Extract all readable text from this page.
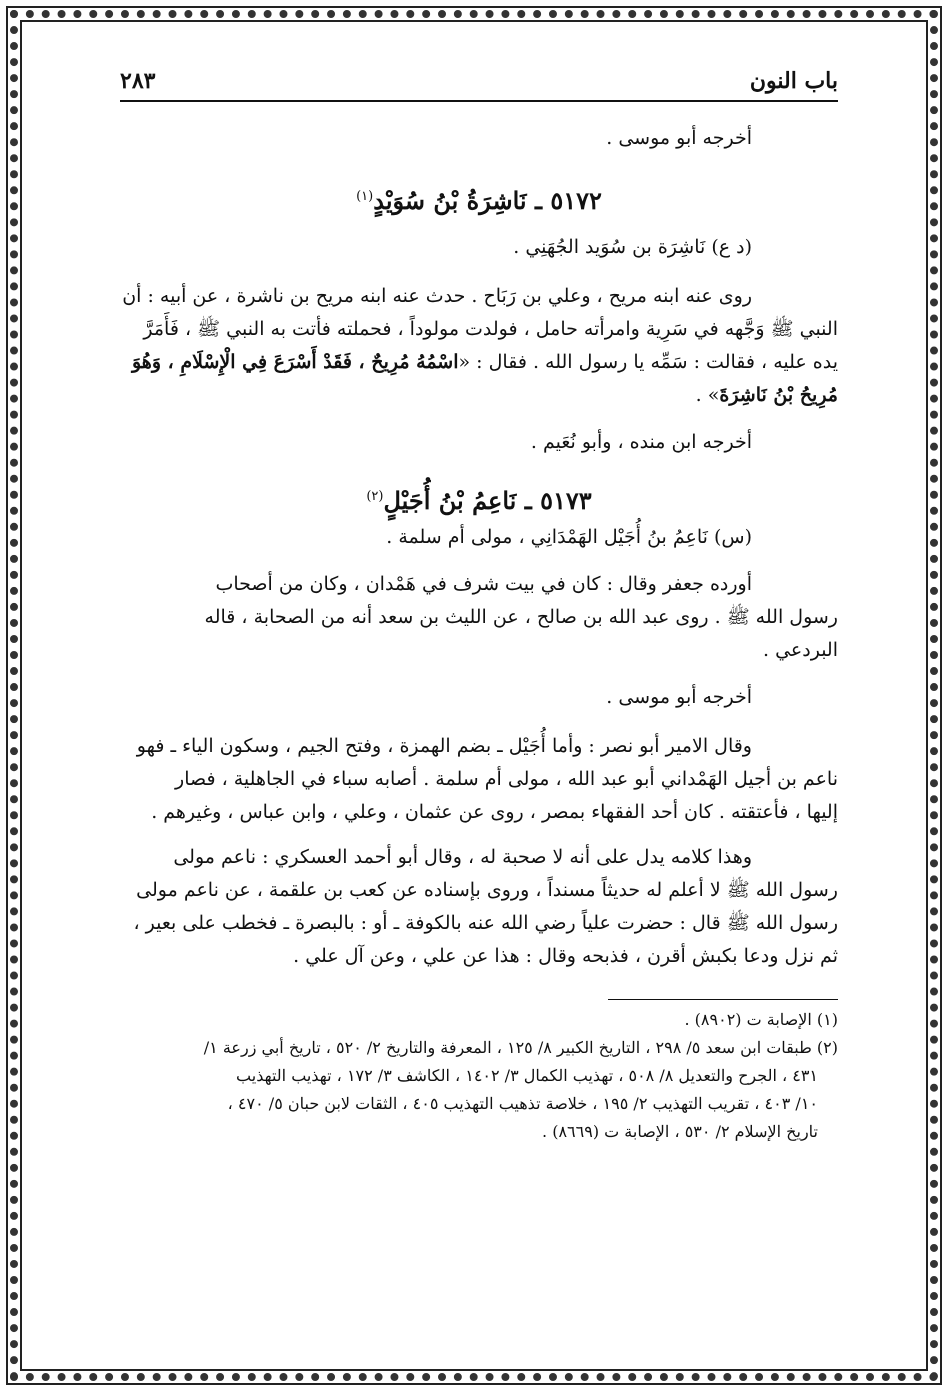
باب النون
٢٨٣

أخرجه أبو موسى .

٥١٧٢ ـ نَاشِرَةُ بْنُ سُوَيْدٍ$^{(١)}$

(د ع) نَاشِرَة بن سُوَيد الجُهَنِي .

روى عنه ابنه مريح ، وعلي بن رَبَاح . حدث عنه ابنه مريح بن ناشرة ، عن أبيه : أن

النبي ﷺ وَجَّهه في سَرِية وامرأته حامل ، فولدت مولوداً ، فحملته فأتت به النبي ﷺ ، فَأَمَرَّ

يده عليه ، فقالت : سَمِّه يا رسول الله . فقال : «اسْمُهُ مُرِيحٌ ، فَقَدْ أَسْرَعَ فِي الْإِسْلَامِ ، وَهُوَ

مُرِيحُ بْنُ نَاشِرَةَ» .

أخرجه ابن منده ، وأبو نُعَيم .

٥١٧٣ ـ نَاعِمُ بْنُ أُجَيْلٍ$^{(٢)}$

(س) نَاعِمُ بنُ أُجَيْل الهَمْدَانِي ، مولى أم سلمة .

أورده جعفر وقال : كان في بيت شرف في هَمْدان ، وكان من أصحاب

رسول الله ﷺ . روى عبد الله بن صالح ، عن الليث بن سعد أنه من الصحابة ، قاله

البردعي .

أخرجه أبو موسى .

وقال الامير أبو نصر : وأما أُجَيْل ـ بضم الهمزة ، وفتح الجيم ، وسكون الياء ـ فهو

ناعم بن أجيل الهَمْداني أبو عبد الله ، مولى أم سلمة . أصابه سباء في الجاهلية ، فصار

إليها ، فأعتقته . كان أحد الفقهاء بمصر ، روى عن عثمان ، وعلي ، وابن عباس ، وغيرهم .

وهذا كلامه يدل على أنه لا صحبة له ، وقال أبو أحمد العسكري : ناعم مولى

رسول الله ﷺ لا أعلم له حديثاً مسنداً ، وروى بإسناده عن كعب بن علقمة ، عن ناعم مولى

رسول الله ﷺ قال : حضرت علياً رضي الله عنه بالكوفة ـ أو : بالبصرة ـ فخطب على بعير ،

ثم نزل ودعا بكبش أقرن ، فذبحه وقال : هذا عن علي ، وعن آل علي .

(١) الإصابة ت (٨٩٠٢) .

(٢) طبقات ابن سعد ٥/ ٢٩٨ ، التاريخ الكبير ٨/ ١٢٥ ، المعرفة والتاريخ ٢/ ٥٢٠ ، تاريخ أبي زرعة ١/

٤٣١ ، الجرح والتعديل ٨/ ٥٠٨ ، تهذيب الكمال ٣/ ١٤٠٢ ، الكاشف ٣/ ١٧٢ ، تهذيب التهذيب

١٠/ ٤٠٣ ، تقريب التهذيب ٢/ ١٩٥ ، خلاصة تذهيب التهذيب ٤٠٥ ، الثقات لابن حبان ٥/ ٤٧٠ ،

تاريخ الإسلام ٢/ ٥٣٠ ، الإصابة ت (٨٦٦٩) .
